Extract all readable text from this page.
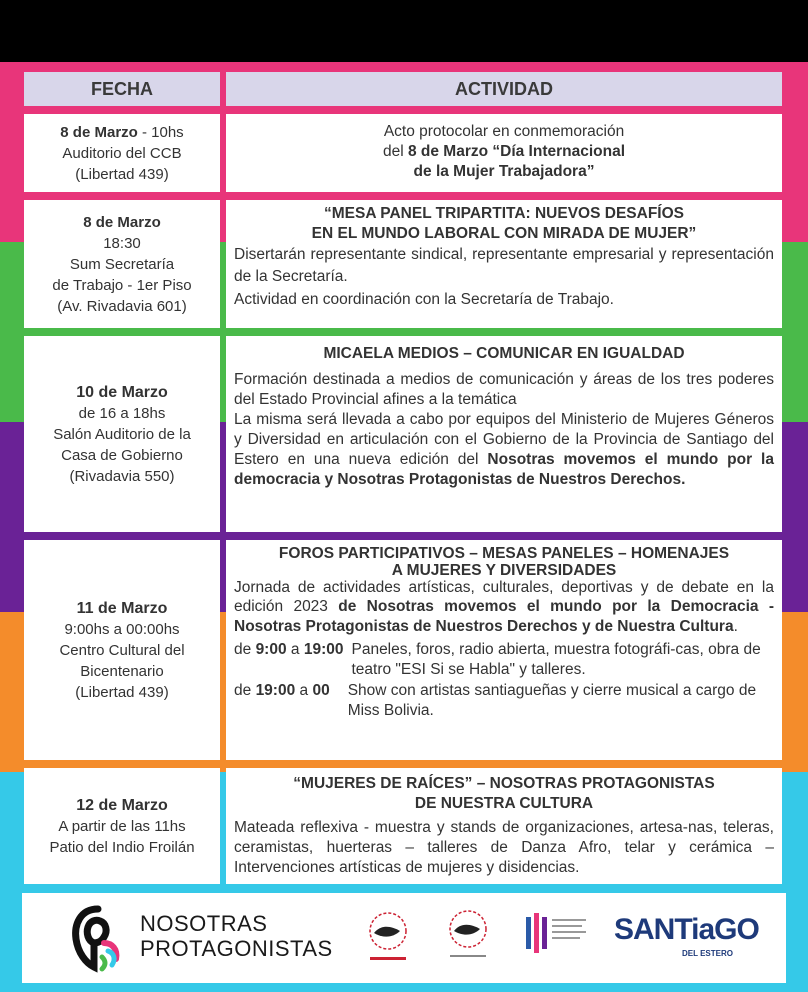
FECHA	ACTIVIDAD
8 de Marzo - 10hs
Auditorio del CCB
(Libertad 439)
Acto protocolar en conmemoración
del 8 de Marzo “Día Internacional
de la Mujer Trabajadora”
8 de Marzo
18:30
Sum Secretaría
de Trabajo - 1er Piso
(Av. Rivadavia 601)
“MESA PANEL TRIPARTITA: NUEVOS DESAFÍOS
EN EL MUNDO LABORAL CON MIRADA DE MUJER”
Disertarán representante sindical, representante empresarial y representación de la Secretaría.
Actividad en coordinación con la Secretaría de Trabajo.
10 de Marzo
de 16 a 18hs
Salón Auditorio de la
Casa de Gobierno
(Rivadavia 550)
MICAELA MEDIOS – COMUNICAR EN IGUALDAD
Formación destinada a medios de comunicación y áreas de los tres poderes del Estado Provincial afines a la temática
La misma será llevada a cabo por equipos del Ministerio de Mujeres Géneros y Diversidad en articulación con el Gobierno de la Provincia de Santiago del Estero en una nueva edición del Nosotras movemos el mundo por la democracia y Nosotras Protagonistas de Nuestros Derechos.
11 de Marzo
9:00hs a 00:00hs
Centro Cultural del
Bicentenario
(Libertad 439)
FOROS PARTICIPATIVOS – MESAS PANELES – HOMENAJES
A MUJERES Y DIVERSIDADES
Jornada de actividades artísticas, culturales, deportivas y de debate en la edición 2023 de Nosotras movemos el mundo por la Democracia - Nosotras Protagonistas de Nuestros Derechos y de Nuestra Cultura.
de 9:00 a 19:00 Paneles, foros, radio abierta, muestra fotográfi-cas, obra de teatro "ESI Si se Habla" y talleres.
de 19:00 a 00	Show con artistas santiagueñas y cierre musical a cargo de Miss Bolivia.
12 de Marzo
A partir de las 11hs
Patio del Indio Froilán
“MUJERES DE RAÍCES” – NOSOTRAS PROTAGONISTAS
DE NUESTRA CULTURA
Mateada reflexiva - muestra y stands de organizaciones, artesa-nas, teleras, ceramistas, huerteras – talleres de Danza Afro, telar y cerámica – Intervenciones artísticas de mujeres y disidencias.
NOSOTRAS
PROTAGONISTAS
SANTiaGO
DEL ESTERO
